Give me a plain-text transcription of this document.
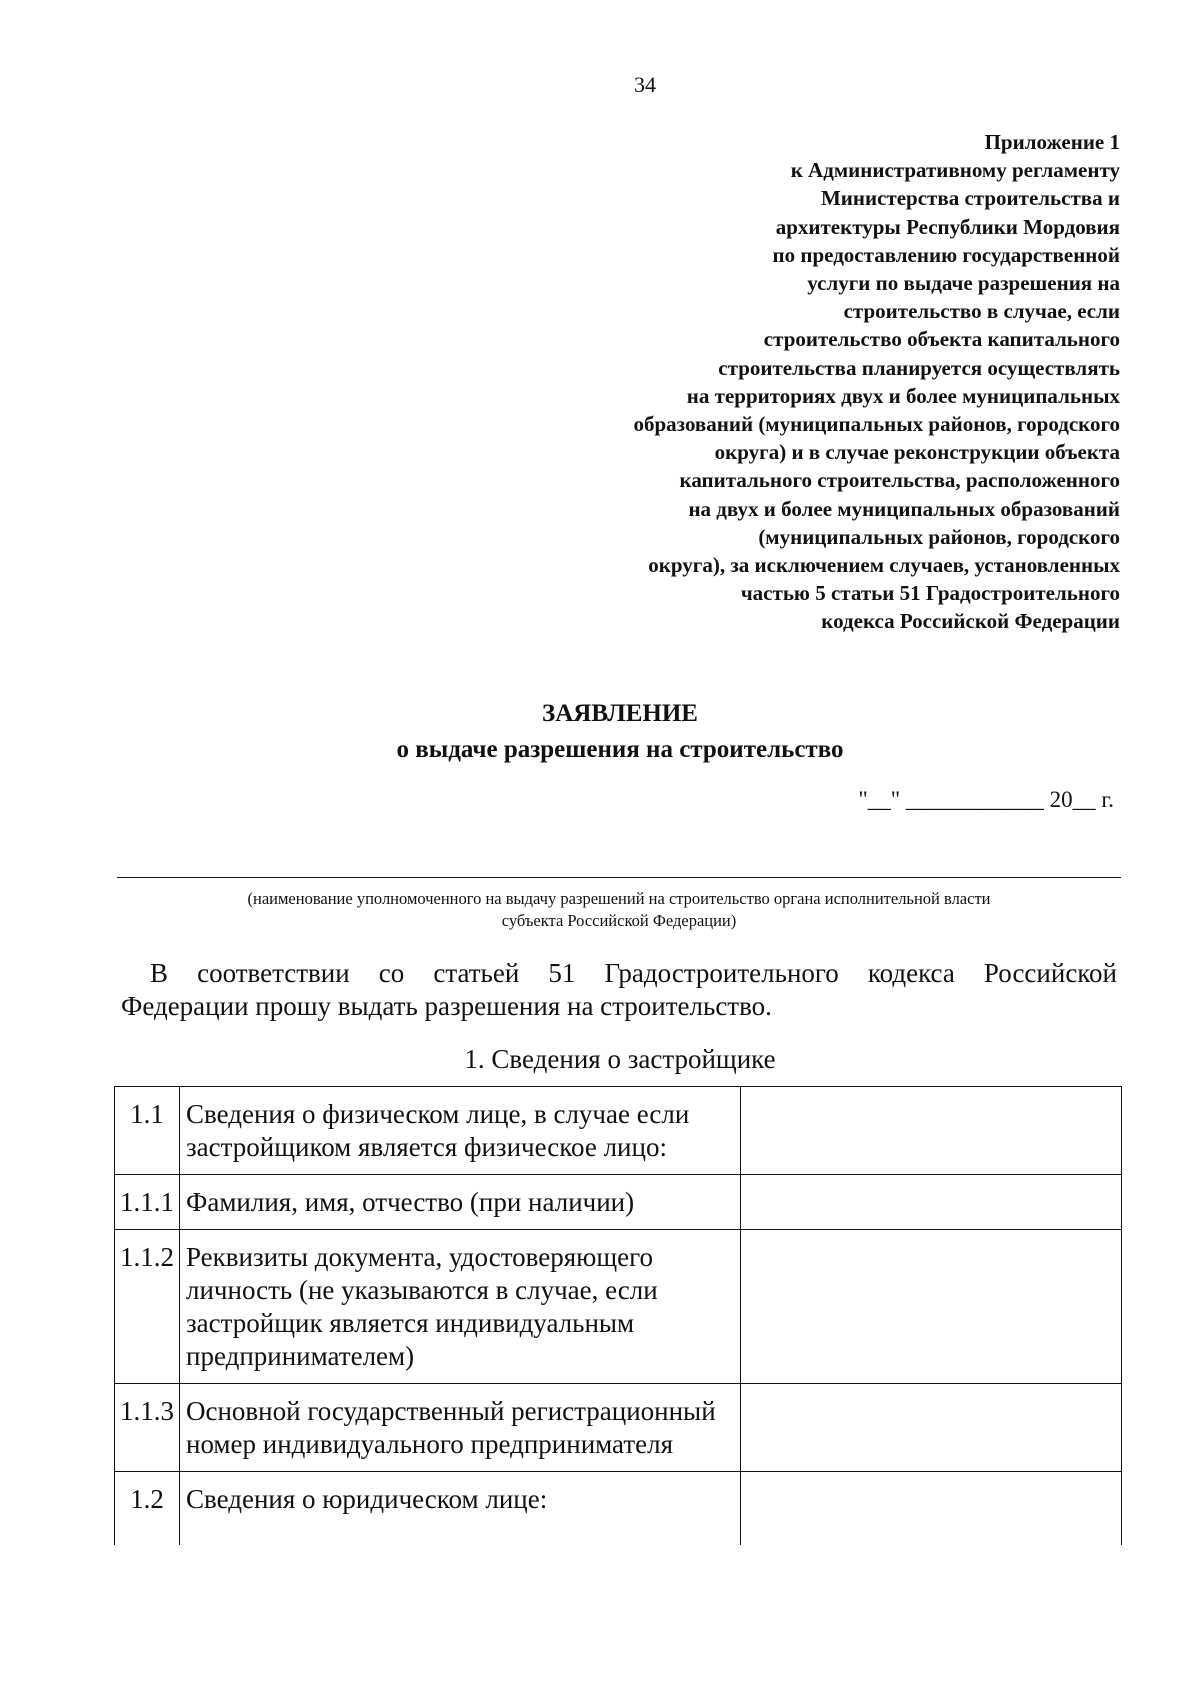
34
Приложение 1
к Административному регламенту
Министерства строительства и
архитектуры Республики Мордовия
по предоставлению государственной
услуги по выдаче разрешения на
строительство в случае, если
строительство объекта капитального
строительства планируется осуществлять
на территориях двух и более муниципальных
образований (муниципальных районов, городского
округа) и в случае реконструкции объекта
капитального строительства, расположенного
на двух и более муниципальных образований
(муниципальных районов, городского
округа), за исключением случаев, установленных
частью 5 статьи 51 Градостроительного
кодекса Российской Федерации
ЗАЯВЛЕНИЕ
о выдаче разрешения на строительство
"__" ____________ 20__ г.
(наименование уполномоченного на выдачу разрешений на строительство органа исполнительной власти
субъекта Российской Федерации)
В соответствии со статьей 51 Градостроительного кодекса Российской
Федерации прошу выдать разрешения на строительство.
1. Сведения о застройщике
1.1	Сведения о физическом лице, в случае если застройщиком является физическое лицо:	
1.1.1	Фамилия, имя, отчество (при наличии)	
1.1.2	Реквизиты документа, удостоверяющего личность (не указываются в случае, если застройщик является индивидуальным предпринимателем)	
1.1.3	Основной государственный регистрационный номер индивидуального предпринимателя	
1.2	Сведения о юридическом лице:	
